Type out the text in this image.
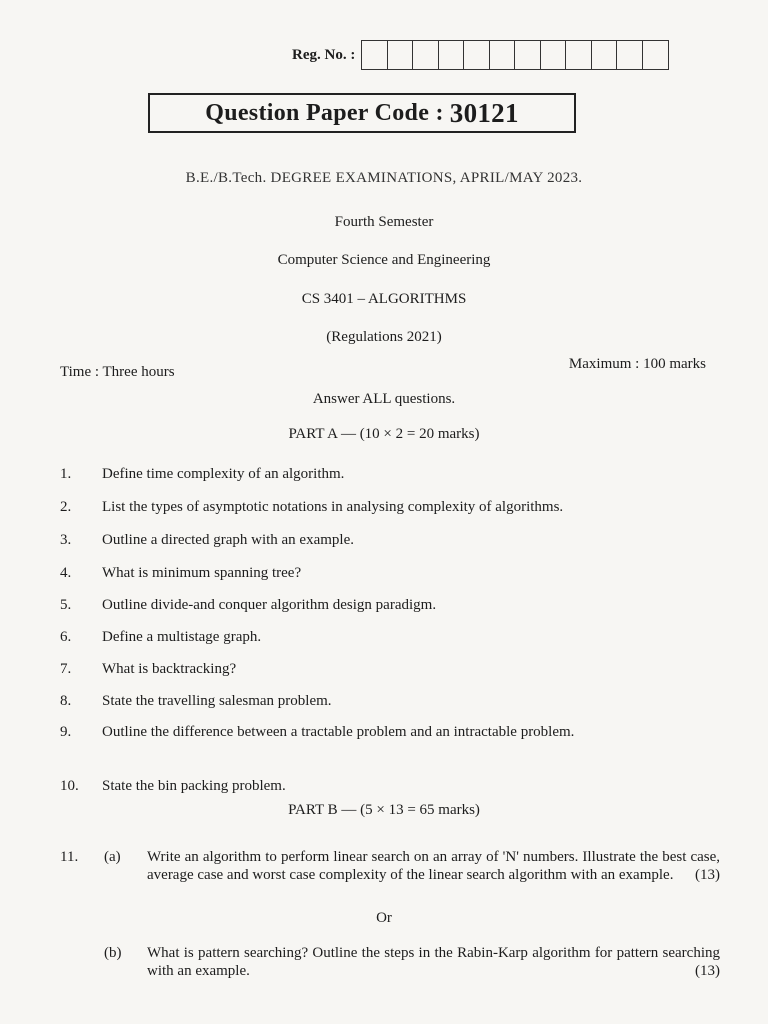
Reg. No. :
Question Paper Code : 30121
B.E./B.Tech. DEGREE EXAMINATIONS, APRIL/MAY 2023.
Fourth Semester
Computer Science and Engineering
CS 3401 – ALGORITHMS
(Regulations 2021)
Time : Three hours	Maximum : 100 marks
Answer ALL questions.
PART A — (10 × 2 = 20 marks)
1.	Define time complexity of an algorithm.
2.	List the types of asymptotic notations in analysing complexity of algorithms.
3.	Outline a directed graph with an example.
4.	What is minimum spanning tree?
5.	Outline divide-and conquer algorithm design paradigm.
6.	Define a multistage graph.
7.	What is backtracking?
8.	State the travelling salesman problem.
9.	Outline the difference between a tractable problem and an intractable problem.
10.	State the bin packing problem.
PART B — (5 × 13 = 65 marks)
11. (a) Write an algorithm to perform linear search on an array of 'N' numbers. Illustrate the best case, average case and worst case complexity of the linear search algorithm with an example. (13)
Or
(b) What is pattern searching? Outline the steps in the Rabin-Karp algorithm for pattern searching with an example.	(13)
